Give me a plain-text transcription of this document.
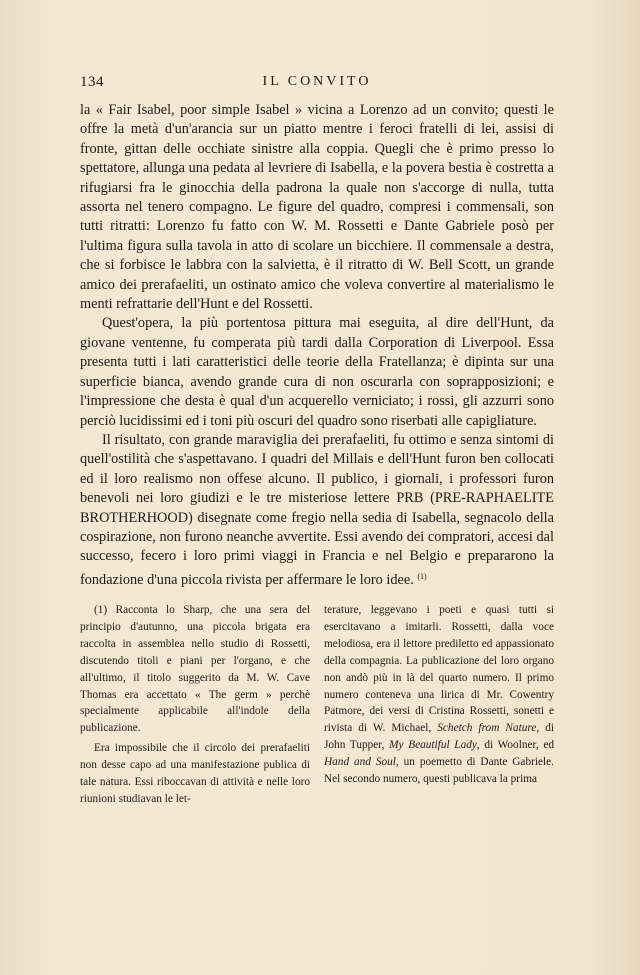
134	IL CONVITO

la « Fair Isabel, poor simple Isabel » vicina a Lorenzo ad un convito; questi le offre la metà d'un'arancia sur un piatto mentre i feroci fratelli di lei, assisi di fronte, gittan delle occhiate sinistre alla coppia. Quegli che è primo presso lo spettatore, allunga una pedata al levriere di Isabella, e la povera bestia è costretta a rifugiarsi fra le ginocchia della padrona la quale non s'accorge di nulla, tutta assorta nel tenero compagno. Le figure del quadro, compresi i commensali, son tutti ritratti: Lorenzo fu fatto con W. M. Rossetti e Dante Gabriele posò per l'ultima figura sulla tavola in atto di scolare un bicchiere. Il commensale a destra, che si forbisce le labbra con la salvietta, è il ritratto di W. Bell Scott, un grande amico dei prerafaeliti, un ostinato amico che voleva convertire al materialismo le menti refrattarie dell'Hunt e del Rossetti.

Quest'opera, la più portentosa pittura mai eseguita, al dire dell'Hunt, da giovane ventenne, fu comperata più tardi dalla Corporation di Liverpool. Essa presenta tutti i lati caratteristici delle teorie della Fratellanza; è dipinta sur una superficie bianca, avendo grande cura di non oscurarla con soprapposizioni; e l'impressione che desta è qual d'un acquerello verniciato; i rossi, gli azzurri sono perciò lucidissimi ed i toni più oscuri del quadro sono riserbati alle capigliature.

Il risultato, con grande maraviglia dei prerafaeliti, fu ottimo e senza sintomi di quell'ostilità che s'aspettavano. I quadri del Millais e dell'Hunt furon ben collocati ed il loro realismo non offese alcuno. Il publico, i giornali, i professori furon benevoli nei loro giudizi e le tre misteriose lettere PRB (PRE-RAPHAELITE BROTHERHOOD) disegnate come fregio nella sedia di Isabella, segnacolo della cospirazione, non furono neanche avvertite. Essi avendo dei compratori, accesi dal successo, fecero i loro primi viaggi in Francia e nel Belgio e prepararono la fondazione d'una piccola rivista per affermare le loro idee. $^{(1)}$

(1) Racconta lo Sharp, che una sera del principio d'autunno, una piccola brigata era raccolta in assemblea nello studio di Rossetti, discutendo titoli e piani per l'organo, e che all'ultimo, il titolo suggerito da M. W. Cave Thomas era accettato « The germ » perchè specialmente applicabile all'indole della publicazione.

Era impossibile che il circolo dei prerafaeliti non desse capo ad una manifestazione publica di tale natura. Essi riboccavan di attività e nelle loro riunioni studiavan le let-

terature, leggevano i poeti e quasi tutti si esercitavano a imitarli. Rossetti, dalla voce melodiosa, era il lettore prediletto ed appassionato della compagnia. La publicazione del loro organo non andò più in là del quarto numero. Il primo numero conteneva una lirica di Mr. Cowentry Patmore, dei versi di Cristina Rossetti, sonetti e rivista di W. Michael, Schetch from Nature, di John Tupper, My Beautiful Lady, di Woolner, ed Hand and Soul, un poemetto di Dante Gabriele. Nel secondo numero, questi publicava la prima
